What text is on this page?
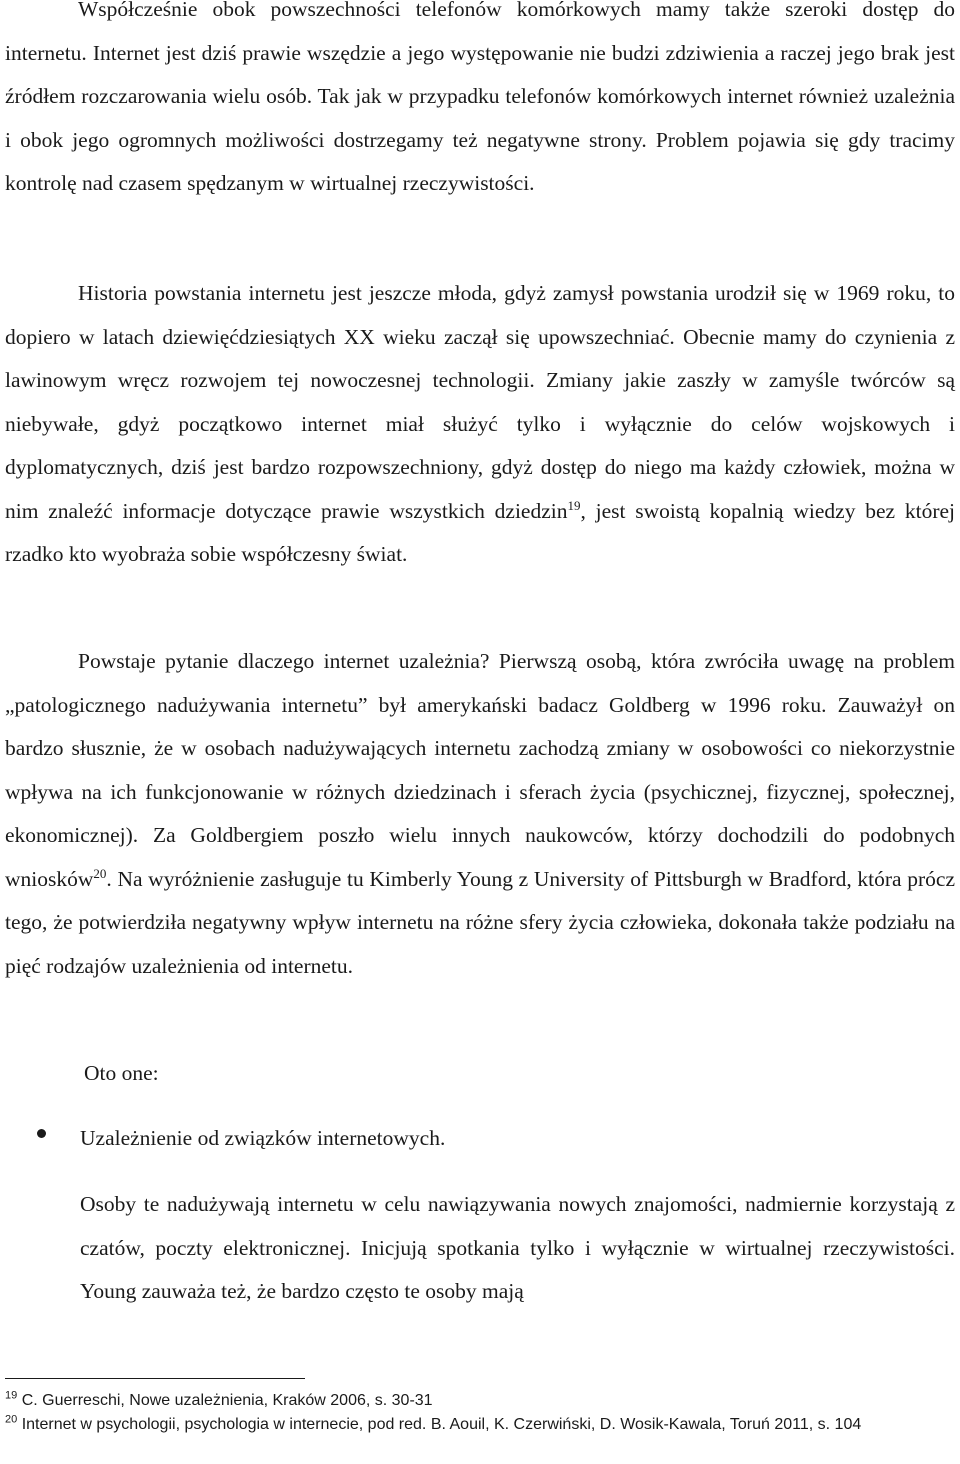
Współcześnie obok powszechności telefonów komórkowych mamy także szeroki dostęp do internetu. Internet jest dziś prawie wszędzie a jego występowanie nie budzi zdziwienia a raczej jego brak jest źródłem rozczarowania wielu osób. Tak jak w przypadku telefonów komórkowych internet również uzależnia i obok jego ogromnych możliwości dostrzegamy też negatywne strony. Problem pojawia się gdy tracimy kontrolę nad czasem spędzanym w wirtualnej rzeczywistości.

Historia powstania internetu jest jeszcze młoda, gdyż zamysł powstania urodził się w 1969 roku, to dopiero w latach dziewięćdziesiątych XX wieku zaczął się upowszechniać. Obecnie mamy do czynienia z lawinowym wręcz rozwojem tej nowoczesnej technologii. Zmiany jakie zaszły w zamyśle twórców są niebywałe, gdyż początkowo internet miał służyć tylko i wyłącznie do celów wojskowych i dyplomatycznych, dziś jest bardzo rozpowszechniony, gdyż dostęp do niego ma każdy człowiek, można w nim znaleźć informacje dotyczące prawie wszystkich dziedzin$^{19}$, jest swoistą kopalnią wiedzy bez której rzadko kto wyobraża sobie współczesny świat.

Powstaje pytanie dlaczego internet uzależnia? Pierwszą osobą, która zwróciła uwagę na problem „patologicznego nadużywania internetu” był amerykański badacz Goldberg w 1996 roku. Zauważył on bardzo słusznie, że w osobach nadużywających internetu zachodzą zmiany w osobowości co niekorzystnie wpływa na ich funkcjonowanie w różnych dziedzinach i sferach życia (psychicznej, fizycznej, społecznej, ekonomicznej). Za Goldbergiem poszło wielu innych naukowców, którzy dochodzili do podobnych wniosków$^{20}$. Na wyróżnienie zasługuje tu Kimberly Young z University of Pittsburgh w Bradford, która prócz tego, że potwierdziła negatywny wpływ internetu na różne sfery życia człowieka, dokonała także podziału na pięć rodzajów uzależnienia od internetu.

Oto one:

Uzależnienie od związków internetowych.

Osoby te nadużywają internetu w celu nawiązywania nowych znajomości, nadmiernie korzystają z czatów, poczty elektronicznej. Inicjują spotkania tylko i wyłącznie w wirtualnej rzeczywistości. Young zauważa też, że bardzo często te osoby mają

$^{19}$ C. Guerreschi, Nowe uzależnienia, Kraków 2006, s. 30-31

$^{20}$ Internet w psychologii, psychologia w internecie, pod red. B. Aouil, K. Czerwiński, D. Wosik-Kawala, Toruń 2011, s. 104
